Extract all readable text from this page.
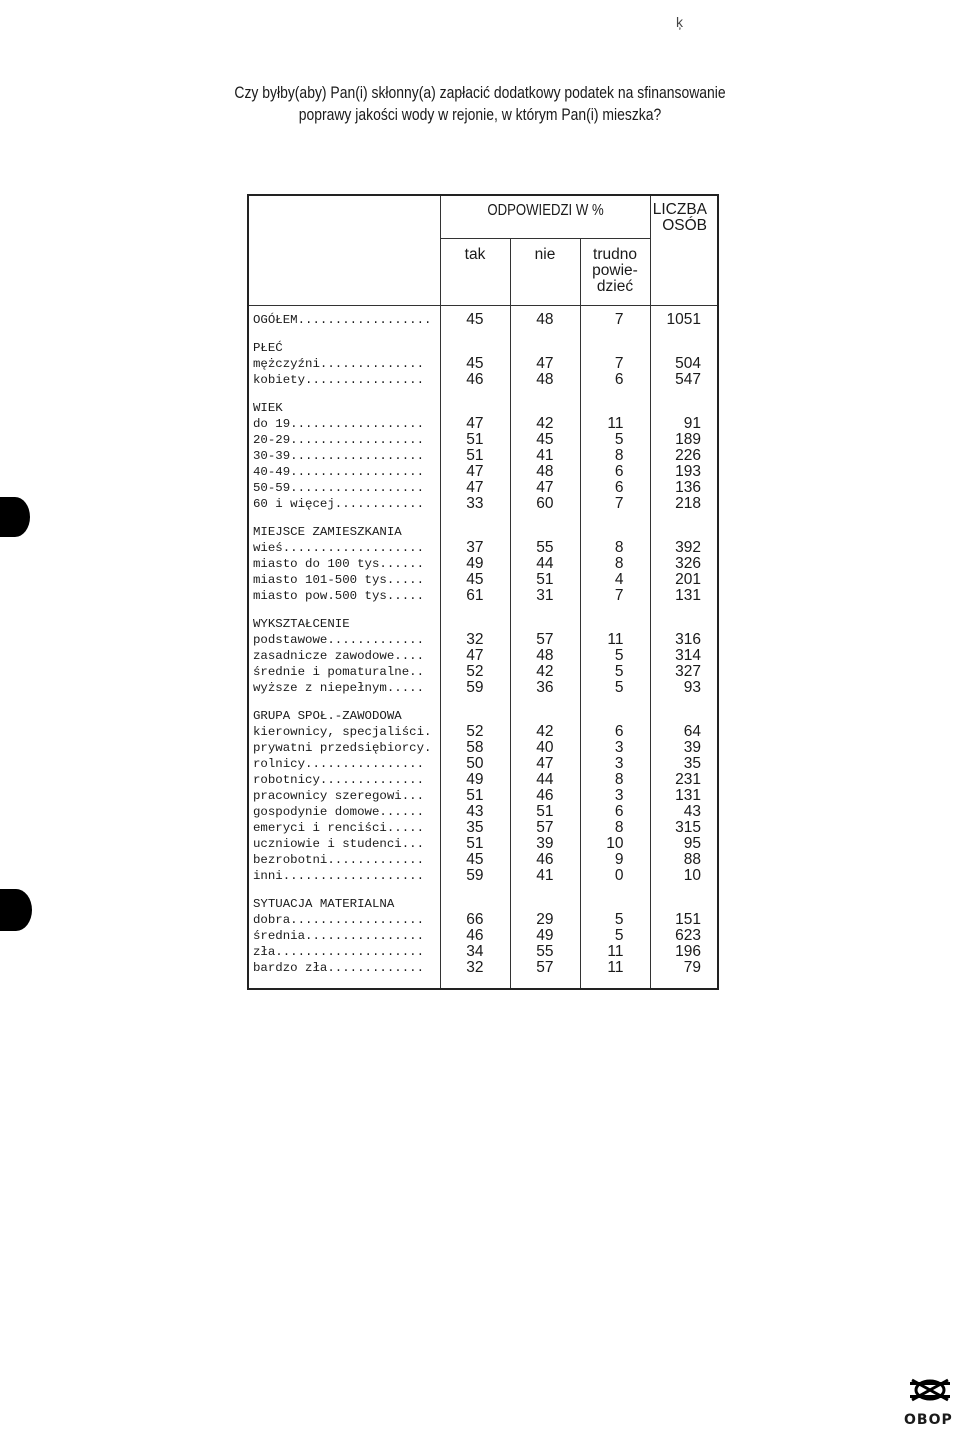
ķ
Czy byłby(aby) Pan(i) skłonny(a) zapłacić dodatkowy podatek na sfinansowanie
poprawy jakości wody w rejonie, w którym Pan(i) mieszka?

	ODPOWIEDZI W %			LICZBA
OSÓB

	tak	nie	trudno
powie-
dzieć	

OGÓŁEM..................	45	48	7	1051

PŁEĆ				
mężczyźni..............	45	47	7	504
kobiety................	46	48	6	547

WIEK				
do 19..................	47	42	11	91
20-29..................	51	45	5	189
30-39..................	51	41	8	226
40-49..................	47	48	6	193
50-59..................	47	47	6	136
60 i więcej............	33	60	7	218

MIEJSCE ZAMIESZKANIA				
wieś...................	37	55	8	392
miasto do 100 tys......	49	44	8	326
miasto 101-500 tys.....	45	51	4	201
miasto pow.500 tys.....	61	31	7	131

WYKSZTAŁCENIE				
podstawowe.............	32	57	11	316
zasadnicze zawodowe....	47	48	5	314
średnie i pomaturalne..	52	42	5	327
wyższe z niepełnym.....	59	36	5	93

GRUPA SPOŁ.-ZAWODOWA				
kierownicy, specjaliści.	52	42	6	64
prywatni przedsiębiorcy.	58	40	3	39
rolnicy................	50	47	3	35
robotnicy..............	49	44	8	231
pracownicy szeregowi...	51	46	3	131
gospodynie domowe......	43	51	6	43
emeryci i renciści.....	35	57	8	315
uczniowie i studenci...	51	39	10	95
bezrobotni.............	45	46	9	88
inni...................	59	41	0	10

SYTUACJA MATERIALNA				
dobra..................	66	29	5	151
średnia................	46	49	5	623
zła....................	34	55	11	196
bardzo zła.............	32	57	11	79

OBOP
